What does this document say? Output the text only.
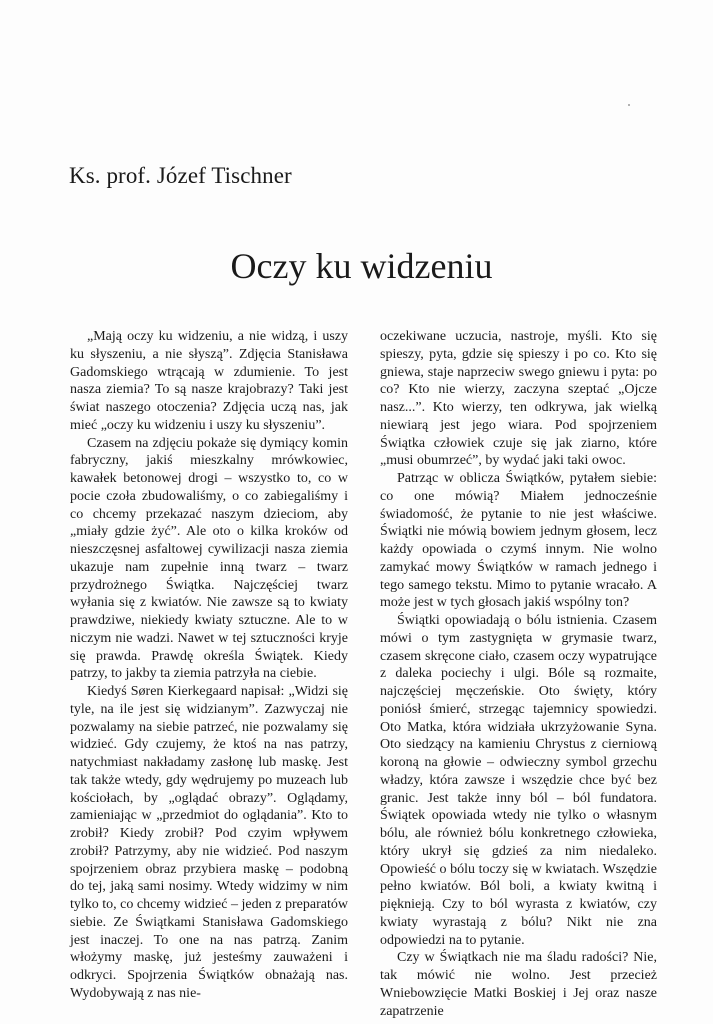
Ks. prof. Józef Tischner
Oczy ku widzeniu

„Mają oczy ku widzeniu, a nie widzą, i uszy ku słyszeniu, a nie słyszą”. Zdjęcia Stanisława Gadomskiego wtrącają w zdumienie. To jest nasza ziemia? To są nasze krajobrazy? Taki jest świat naszego otoczenia? Zdjęcia uczą nas, jak mieć „oczy ku widzeniu i uszy ku słyszeniu”.

Czasem na zdjęciu pokaże się dymiący komin fabryczny, jakiś mieszkalny mrówkowiec, kawałek betonowej drogi – wszystko to, co w pocie czoła zbudowaliśmy, o co zabiegaliśmy i co chcemy przekazać naszym dzieciom, aby „miały gdzie żyć”. Ale oto o kilka kroków od nieszczęsnej asfaltowej cywilizacji nasza ziemia ukazuje nam zupełnie inną twarz – twarz przydrożnego Świątka. Najczęściej twarz wyłania się z kwiatów. Nie zawsze są to kwiaty prawdziwe, niekiedy kwiaty sztuczne. Ale to w niczym nie wadzi. Nawet w tej sztuczności kryje się prawda. Prawdę określa Świątek. Kiedy patrzy, to jakby ta ziemia patrzyła na ciebie.

Kiedyś Søren Kierkegaard napisał: „Widzi się tyle, na ile jest się widzianym”. Zazwyczaj nie pozwalamy na siebie patrzeć, nie pozwalamy się widzieć. Gdy czujemy, że ktoś na nas patrzy, natychmiast nakładamy zasłonę lub maskę. Jest tak także wtedy, gdy wędrujemy po muzeach lub kościołach, by „oglądać obrazy”. Oglądamy, zamieniając w „przedmiot do oglądania”. Kto to zrobił? Kiedy zrobił? Pod czyim wpływem zrobił? Patrzymy, aby nie widzieć. Pod naszym spojrzeniem obraz przybiera maskę – podobną do tej, jaką sami nosimy. Wtedy widzimy w nim tylko to, co chcemy widzieć – jeden z preparatów siebie. Ze Świątkami Stanisława Gadomskiego jest inaczej. To one na nas patrzą. Zanim włożymy maskę, już jesteśmy zauważeni i odkryci. Spojrzenia Świątków obnażają nas. Wydobywają z nas nie-

oczekiwane uczucia, nastroje, myśli. Kto się spieszy, pyta, gdzie się spieszy i po co. Kto się gniewa, staje naprzeciw swego gniewu i pyta: po co? Kto nie wierzy, zaczyna szeptać „Ojcze nasz...”. Kto wierzy, ten odkrywa, jak wielką niewiarą jest jego wiara. Pod spojrzeniem Świątka człowiek czuje się jak ziarno, które „musi obumrzeć”, by wydać jaki taki owoc.

Patrząc w oblicza Świątków, pytałem siebie: co one mówią? Miałem jednocześnie świadomość, że pytanie to nie jest właściwe. Świątki nie mówią bowiem jednym głosem, lecz każdy opowiada o czymś innym. Nie wolno zamykać mowy Świątków w ramach jednego i tego samego tekstu. Mimo to pytanie wracało. A może jest w tych głosach jakiś wspólny ton?

Świątki opowiadają o bólu istnienia. Czasem mówi o tym zastygnięta w grymasie twarz, czasem skręcone ciało, czasem oczy wypatrujące z daleka pociechy i ulgi. Bóle są rozmaite, najczęściej męczeńskie. Oto święty, który poniósł śmierć, strzegąc tajemnicy spowiedzi. Oto Matka, która widziała ukrzyżowanie Syna. Oto siedzący na kamieniu Chrystus z cierniową koroną na głowie – odwieczny symbol grzechu władzy, która zawsze i wszędzie chce być bez granic. Jest także inny ból – ból fundatora. Świątek opowiada wtedy nie tylko o własnym bólu, ale również bólu konkretnego człowieka, który ukrył się gdzieś za nim niedaleko. Opowieść o bólu toczy się w kwiatach. Wszędzie pełno kwiatów. Ból boli, a kwiaty kwitną i pięknieją. Czy to ból wyrasta z kwiatów, czy kwiaty wyrastają z bólu? Nikt nie zna odpowiedzi na to pytanie.

Czy w Świątkach nie ma śladu radości? Nie, tak mówić nie wolno. Jest przecież Wniebowzięcie Matki Boskiej i Jej oraz nasze zapatrzenie
